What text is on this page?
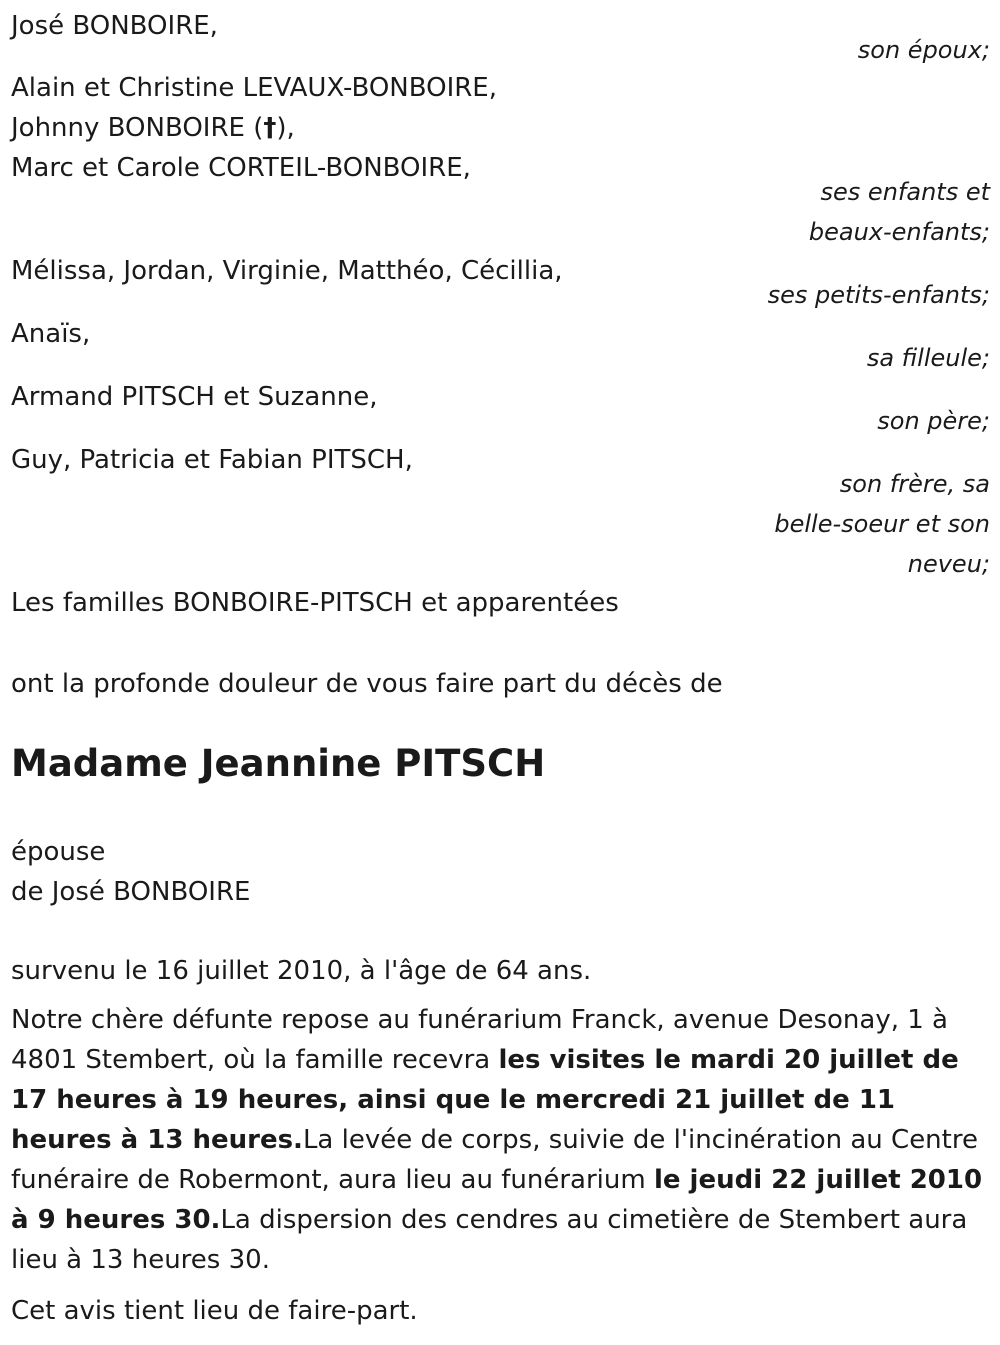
José BONBOIRE,
son époux;
Alain et Christine LEVAUX-BONBOIRE,
Johnny BONBOIRE (†),
Marc et Carole CORTEIL-BONBOIRE,
ses enfants et
beaux-enfants;
Mélissa, Jordan, Virginie, Matthéo, Cécillia,
ses petits-enfants;
Anaïs,
sa filleule;
Armand PITSCH et Suzanne,
son père;
Guy, Patricia et Fabian PITSCH,
son frère, sa
belle-soeur et son
neveu;
Les familles BONBOIRE-PITSCH et apparentées
ont la profonde douleur de vous faire part du décès de
Madame Jeannine PITSCH
épouse
de José BONBOIRE
survenu le 16 juillet 2010, à l'âge de 64 ans.
Notre chère défunte repose au funérarium Franck, avenue Desonay, 1 à 4801 Stembert, où la famille recevra les visites le mardi 20 juillet de 17 heures à 19 heures, ainsi que le mercredi 21 juillet de 11 heures à 13 heures.La levée de corps, suivie de l'incinération au Centre funéraire de Robermont, aura lieu au funérarium le jeudi 22 juillet 2010 à 9 heures 30.La dispersion des cendres au cimetière de Stembert aura lieu à 13 heures 30.
Cet avis tient lieu de faire-part.
